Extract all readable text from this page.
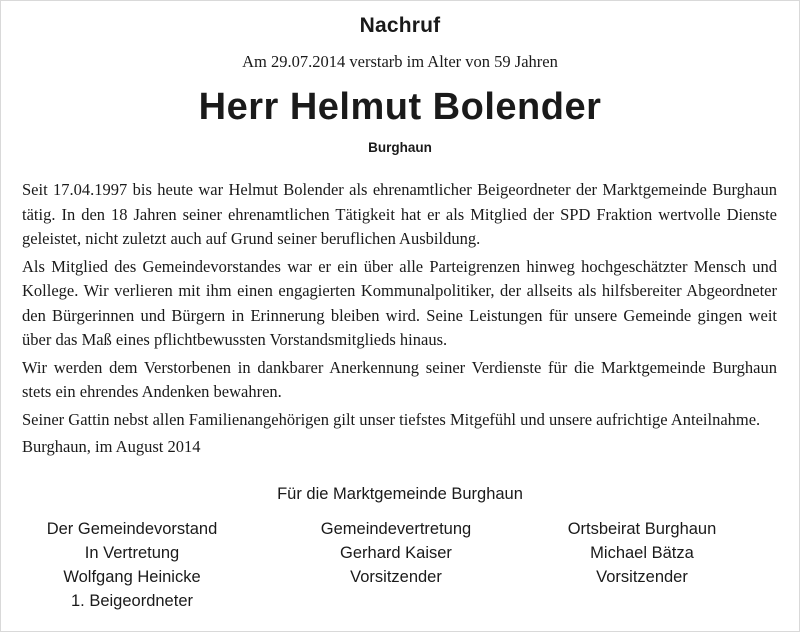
Nachruf
Am 29.07.2014 verstarb im Alter von 59 Jahren
Herr Helmut Bolender
Burghaun

Seit 17.04.1997 bis heute war Helmut Bolender als ehrenamtlicher Beigeordneter der Marktgemeinde Burghaun tätig. In den 18 Jahren seiner ehrenamtlichen Tätigkeit hat er als Mitglied der SPD Fraktion wertvolle Dienste geleistet, nicht zuletzt auch auf Grund seiner beruflichen Ausbildung.

Als Mitglied des Gemeindevorstandes war er ein über alle Parteigrenzen hinweg hochgeschätzter Mensch und Kollege. Wir verlieren mit ihm einen engagierten Kommunalpolitiker, der allseits als hilfsbereiter Abgeordneter den Bürgerinnen und Bürgern in Erinnerung bleiben wird. Seine Leistungen für unsere Gemeinde gingen weit über das Maß eines pflichtbewussten Vorstandsmitglieds hinaus.

Wir werden dem Verstorbenen in dankbarer Anerkennung seiner Verdienste für die Marktgemeinde Burghaun stets ein ehrendes Andenken bewahren.

Seiner Gattin nebst allen Familienangehörigen gilt unser tiefstes Mitgefühl und unsere aufrichtige Anteilnahme.

Burghaun, im August 2014

Für die Marktgemeinde Burghaun
Der Gemeindevorstand
In Vertretung
Wolfgang Heinicke
1. Beigeordneter
Gemeindevertretung
Gerhard Kaiser
Vorsitzender
Ortsbeirat Burghaun
Michael Bätza
Vorsitzender
